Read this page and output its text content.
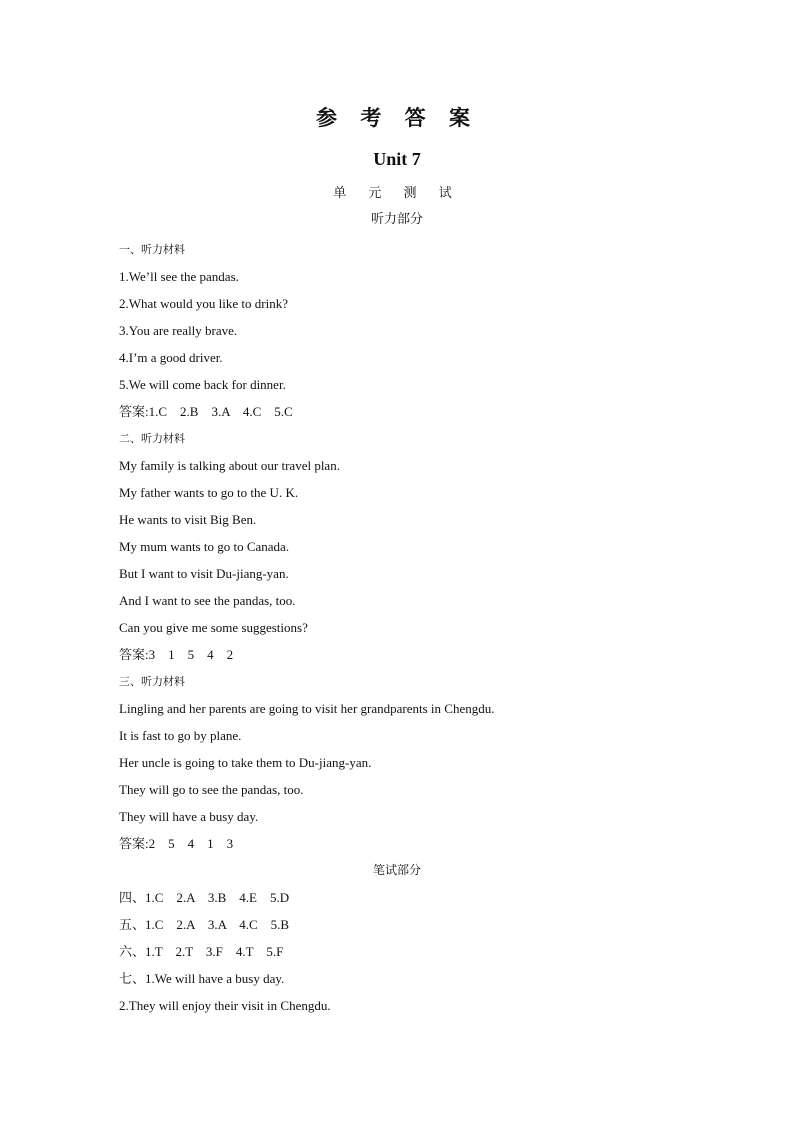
参 考 答 案
Unit 7
单 元 测 试
听力部分
一、听力材料
1.We’ll see the pandas.
2.What would you like to drink?
3.You are really brave.
4.I’m a good driver.
5.We will come back for dinner.
答案:1.C    2.B    3.A    4.C    5.C
二、听力材料
My family is talking about our travel plan.
My father wants to go to the U. K.
He wants to visit Big Ben.
My mum wants to go to Canada.
But I want to visit Du-jiang-yan.
And I want to see the pandas, too.
Can you give me some suggestions?
答案:3    1    5    4    2
三、听力材料
Lingling and her parents are going to visit her grandparents in Chengdu.
It is fast to go by plane.
Her uncle is going to take them to Du-jiang-yan.
They will go to see the pandas, too.
They will have a busy day.
答案:2    5    4    1    3
笔试部分
四、1.C    2.A    3.B    4.E    5.D
五、1.C    2.A    3.A    4.C    5.B
六、1.T    2.T    3.F    4.T    5.F
七、1.We will have a busy day.
2.They will enjoy their visit in Chengdu.
